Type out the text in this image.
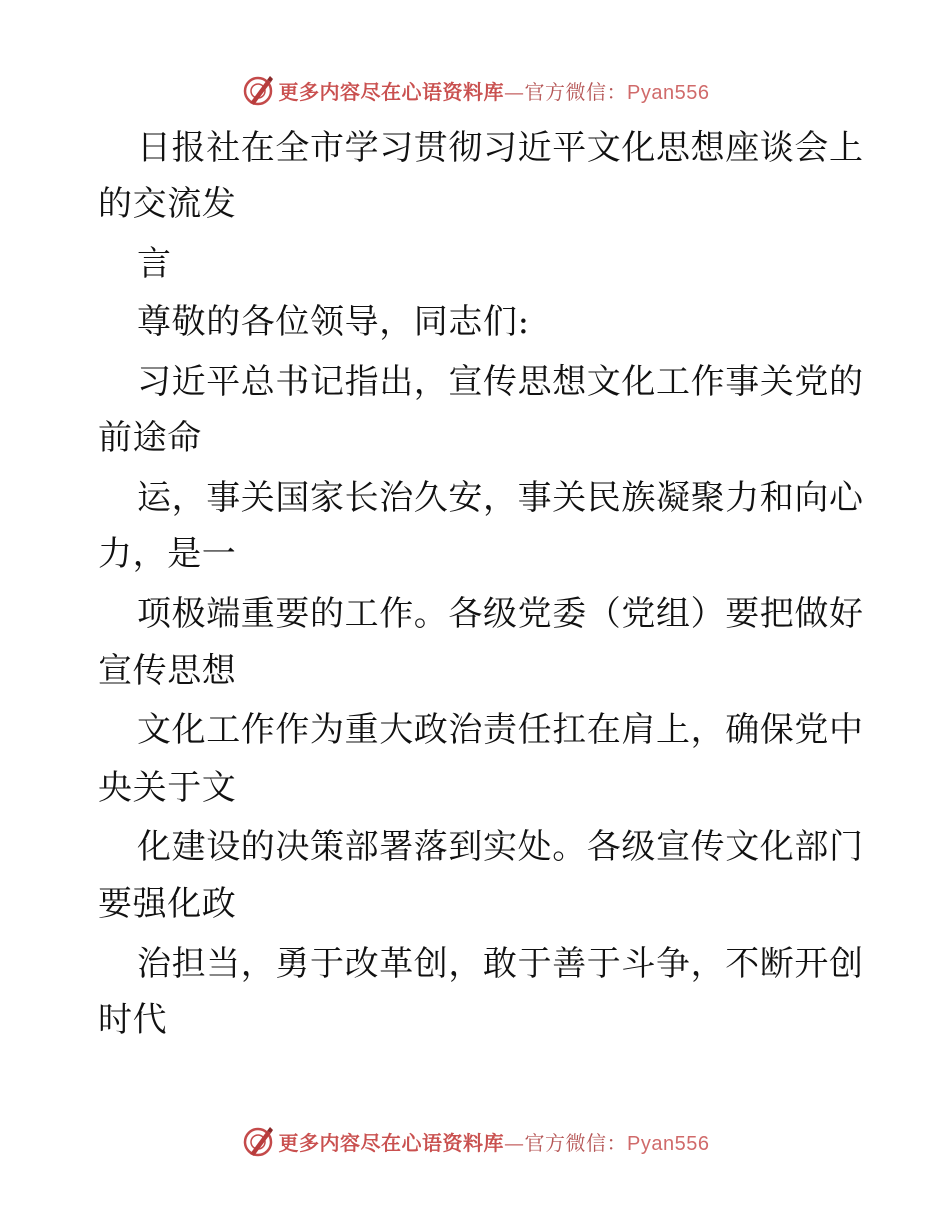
更多内容尽在心语资料库—官方微信：Pyan556
日报社在全市学习贯彻习近平文化思想座谈会上
的交流发
言
尊敬的各位领导，同志们:
习近平总书记指出，宣传思想文化工作事关党的
前途命
运，事关国家长治久安，事关民族凝聚力和向心
力，是一
项极端重要的工作。各级党委（党组）要把做好
宣传思想
文化工作作为重大政治责任扛在肩上，确保党中
央关于文
化建设的决策部署落到实处。各级宣传文化部门
要强化政
治担当，勇于改革创，敢于善于斗争，不断开创
时代
更多内容尽在心语资料库—官方微信：Pyan556
